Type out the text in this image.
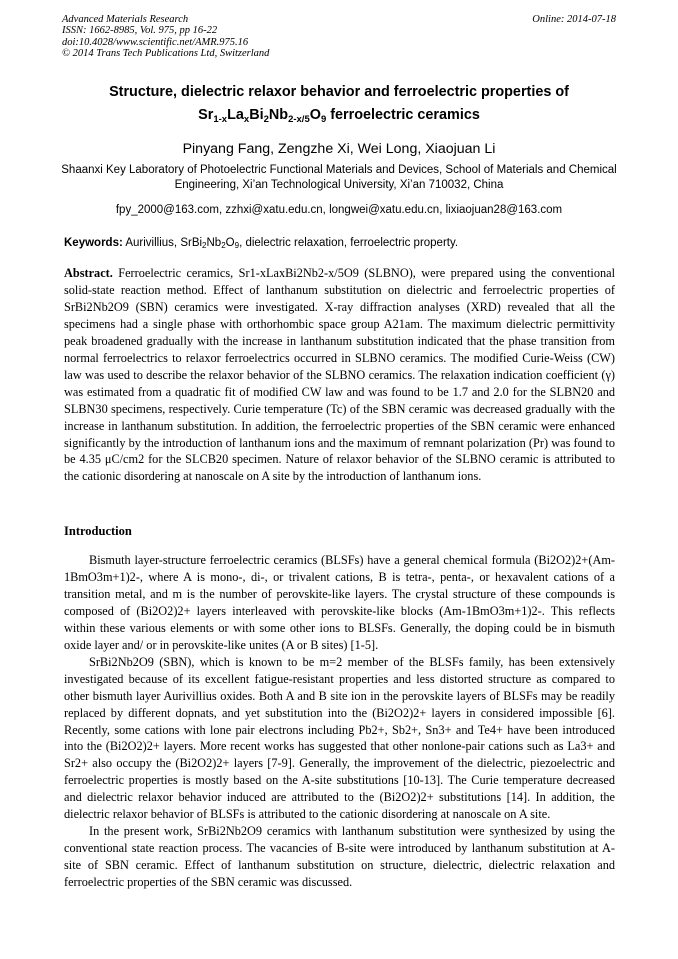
Advanced Materials Research
ISSN: 1662-8985, Vol. 975, pp 16-22
doi:10.4028/www.scientific.net/AMR.975.16
© 2014 Trans Tech Publications Ltd, Switzerland
Online: 2014-07-18
Structure, dielectric relaxor behavior and ferroelectric properties of
$Sr_{1-x}La_xBi_2Nb_{2-x/5}O_9$ ferroelectric ceramics
Pinyang Fang, Zengzhe Xi, Wei Long, Xiaojuan Li
Shaanxi Key Laboratory of Photoelectric Functional Materials and Devices, School of Materials and Chemical Engineering, Xi’an Technological University, Xi’an 710032, China
fpy_2000@163.com, zzhxi@xatu.edu.cn, longwei@xatu.edu.cn, lixiaojuan28@163.com
Keywords: Aurivillius, $SrBi_2Nb_2O_9$, dielectric relaxation, ferroelectric property.
Abstract. Ferroelectric ceramics, Sr1-xLaxBi2Nb2-x/5O9 (SLBNO), were prepared using the conventional solid-state reaction method. Effect of lanthanum substitution on dielectric and ferroelectric properties of SrBi2Nb2O9 (SBN) ceramics were investigated. X-ray diffraction analyses (XRD) revealed that all the specimens had a single phase with orthorhombic space group A21am. The maximum dielectric permittivity peak broadened gradually with the increase in lanthanum substitution indicated that the phase transition from normal ferroelectrics to relaxor ferroelectrics occurred in SLBNO ceramics. The modified Curie-Weiss (CW) law was used to describe the relaxor behavior of the SLBNO ceramics. The relaxation indication coefficient (γ) was estimated from a quadratic fit of modified CW law and was found to be 1.7 and 2.0 for the SLBN20 and SLBN30 specimens, respectively. Curie temperature (Tc) of the SBN ceramic was decreased gradually with the increase in lanthanum substitution. In addition, the ferroelectric properties of the SBN ceramic were enhanced significantly by the introduction of lanthanum ions and the maximum of remnant polarization (Pr) was found to be 4.35 μC/cm2 for the SLCB20 specimen. Nature of relaxor behavior of the SLBNO ceramic is attributed to the cationic disordering at nanoscale on A site by the introduction of lanthanum ions.
Introduction

Bismuth layer-structure ferroelectric ceramics (BLSFs) have a general chemical formula (Bi2O2)2+(Am-1BmO3m+1)2-, where A is mono-, di-, or trivalent cations, B is tetra-, penta-, or hexavalent cations of a transition metal, and m is the number of perovskite-like layers. The crystal structure of these compounds is composed of (Bi2O2)2+ layers interleaved with perovskite-like blocks (Am-1BmO3m+1)2-. This reflects within these various elements or with some other ions to BLSFs. Generally, the doping could be in bismuth oxide layer and/ or in perovskite-like unites (A or B sites) [1-5].

SrBi2Nb2O9 (SBN), which is known to be m=2 member of the BLSFs family, has been extensively investigated because of its excellent fatigue-resistant properties and less distorted structure as compared to other bismuth layer Aurivillius oxides. Both A and B site ion in the perovskite layers of BLSFs may be readily replaced by different dopnats, and yet substitution into the (Bi2O2)2+ layers in considered impossible [6]. Recently, some cations with lone pair electrons including Pb2+, Sb2+, Sn3+ and Te4+ have been introduced into the (Bi2O2)2+ layers. More recent works has suggested that other nonlone-pair cations such as La3+ and Sr2+ also occupy the (Bi2O2)2+ layers [7-9]. Generally, the improvement of the dielectric, piezoelectric and ferroelectric properties is mostly based on the A-site substitutions [10-13]. The Curie temperature decreased and dielectric relaxor behavior induced are attributed to the (Bi2O2)2+ substitutions [14]. In addition, the dielectric relaxor behavior of BLSFs is attributed to the cationic disordering at nanoscale on A site.

In the present work, SrBi2Nb2O9 ceramics with lanthanum substitution were synthesized by using the conventional state reaction process. The vacancies of B-site were introduced by lanthanum substitution at A-site of SBN ceramic. Effect of lanthanum substitution on structure, dielectric, dielectric relaxation and ferroelectric properties of the SBN ceramic was discussed.
